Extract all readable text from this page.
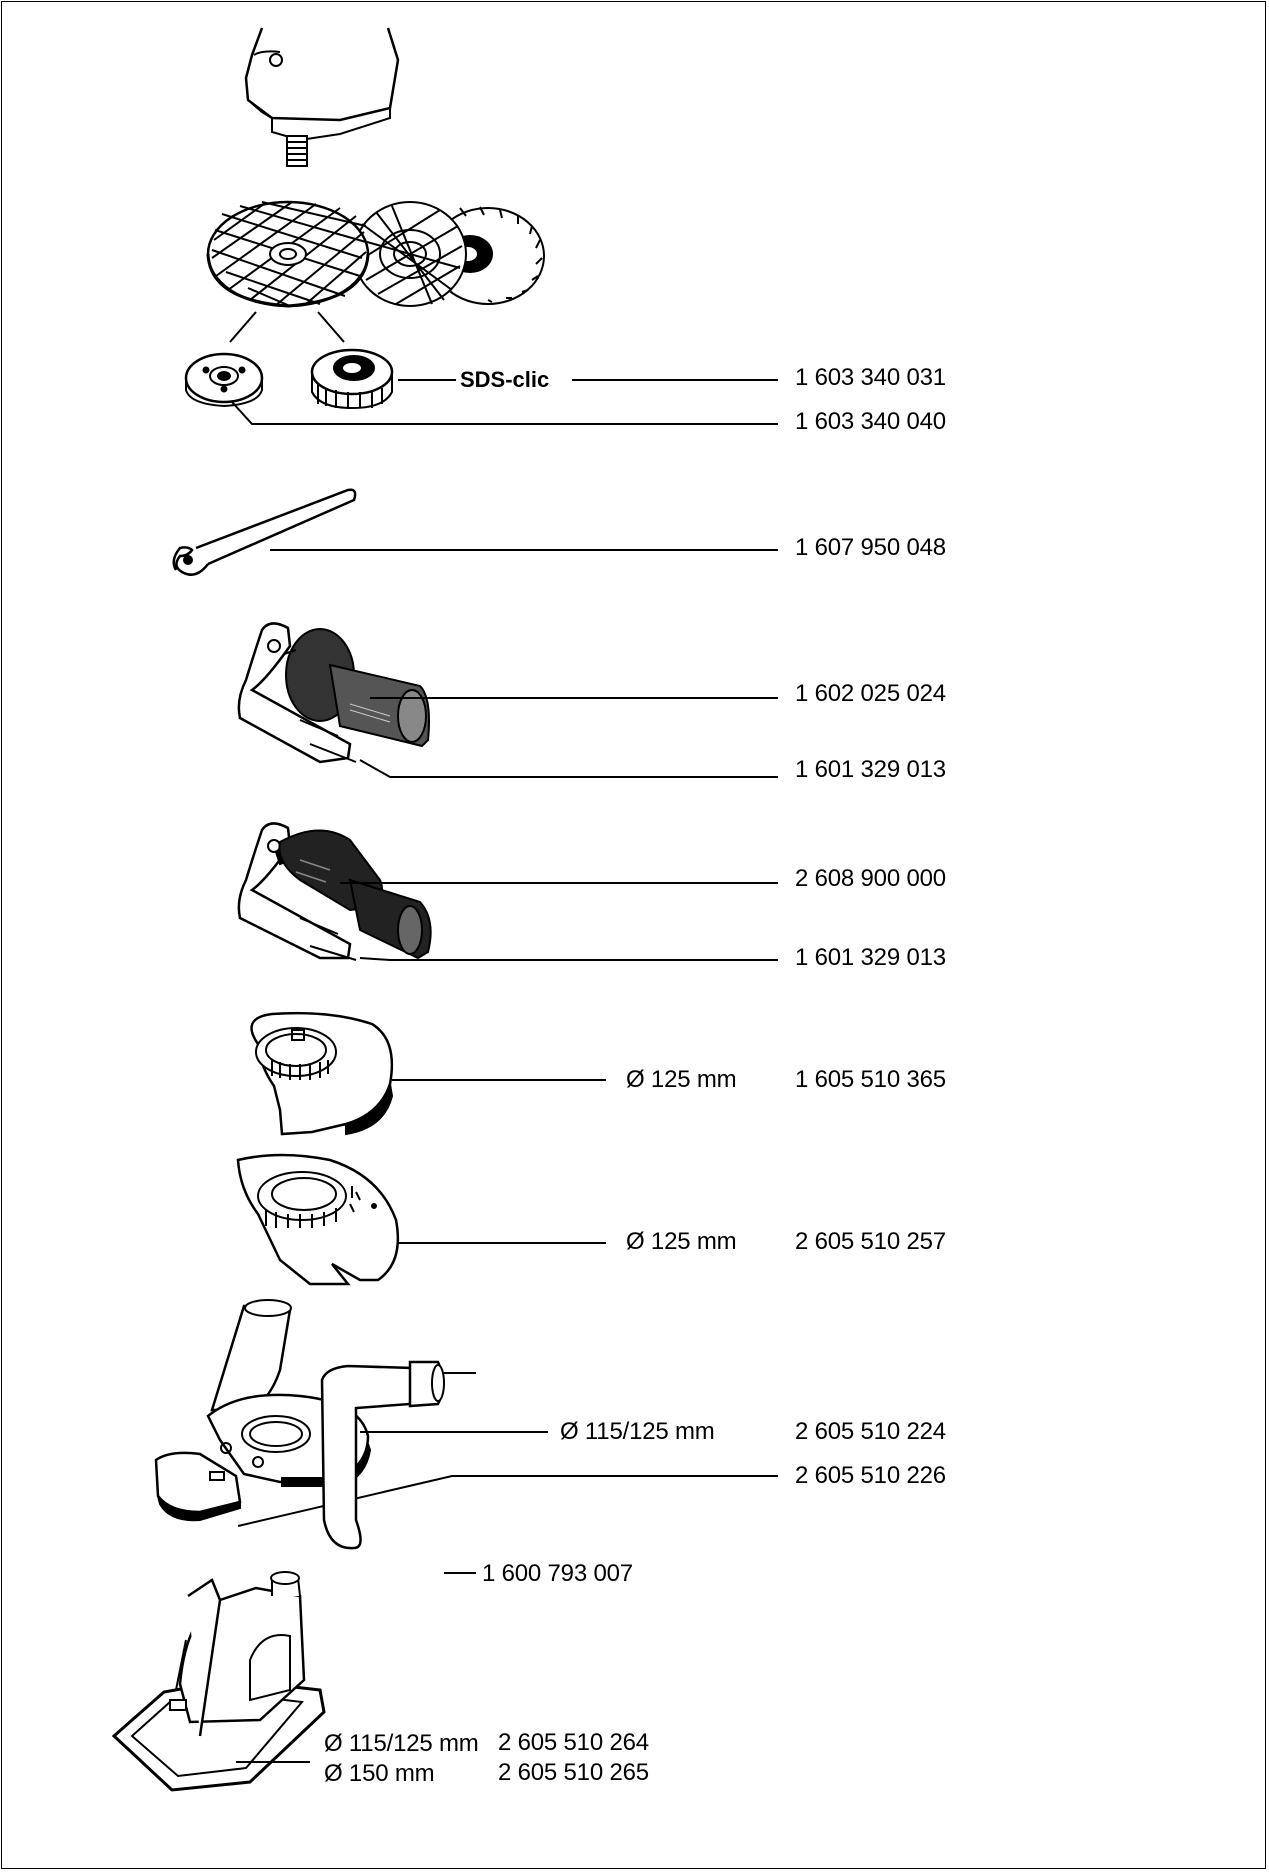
SDS-clic	1 603 340 031
1 603 340 040
1 607 950 048
1 602 025 024
1 601 329 013
2 608 900 000
1 601 329 013
Ø 125 mm 1 605 510 365
Ø 125 mm 2 605 510 257
Ø 115/125 mm	2 605 510 224
2 605 510 226
1 600 793 007
Ø 115/125 mm 2 605 510 264
Ø 150 mm	2 605 510 265
